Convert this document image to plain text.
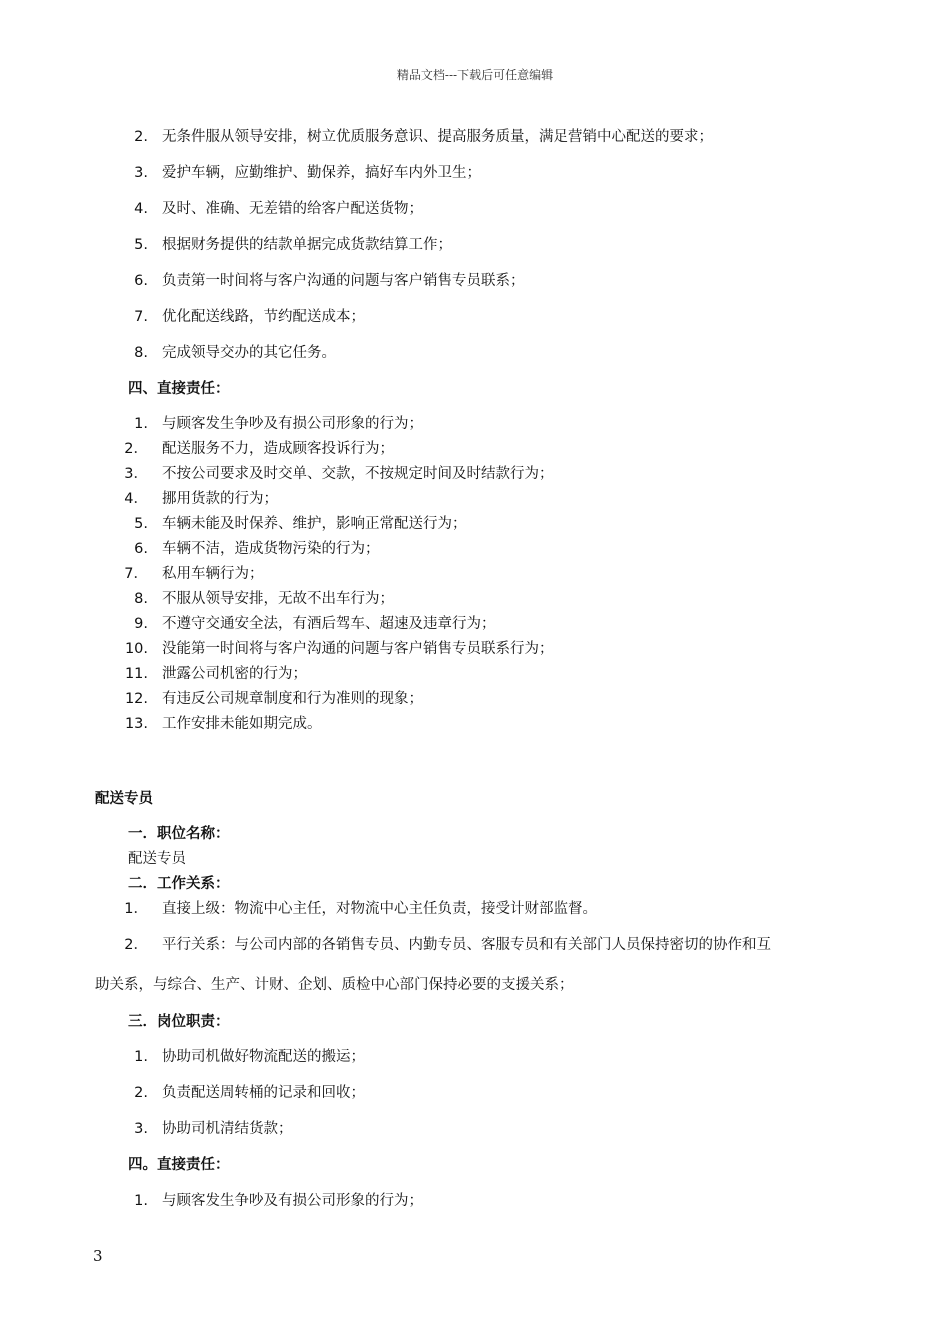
精品文档---下载后可任意编辑
2. 无条件服从领导安排，树立优质服务意识、提高服务质量，满足营销中心配送的要求；
3. 爱护车辆，应勤维护、勤保养，搞好车内外卫生；
4. 及时、准确、无差错的给客户配送货物；
5. 根据财务提供的结款单据完成货款结算工作；
6. 负责第一时间将与客户沟通的问题与客户销售专员联系；
7. 优化配送线路，节约配送成本；
8. 完成领导交办的其它任务。
四、直接责任：
1. 与顾客发生争吵及有损公司形象的行为；
2． 配送服务不力，造成顾客投诉行为；
3． 不按公司要求及时交单、交款，不按规定时间及时结款行为；
4． 挪用货款的行为；
5. 车辆未能及时保养、维护，影响正常配送行为；
6. 车辆不洁，造成货物污染的行为；
7． 私用车辆行为；
8. 不服从领导安排，无故不出车行为；
9. 不遵守交通安全法，有酒后驾车、超速及违章行为；
10. 没能第一时间将与客户沟通的问题与客户销售专员联系行为；
11. 泄露公司机密的行为；
12. 有违反公司规章制度和行为准则的现象；
13. 工作安排未能如期完成。
配送专员
一．职位名称：
配送专员
二．工作关系：
1． 直接上级：物流中心主任，对物流中心主任负责，接受计财部监督。
2． 平行关系：与公司内部的各销售专员、内勤专员、客服专员和有关部门人员保持密切的协作和互
助关系，与综合、生产、计财、企划、质检中心部门保持必要的支援关系；
三．岗位职责：
1. 协助司机做好物流配送的搬运；
2. 负责配送周转桶的记录和回收；
3. 协助司机清结货款；
四。直接责任：
1. 与顾客发生争吵及有损公司形象的行为；
3
